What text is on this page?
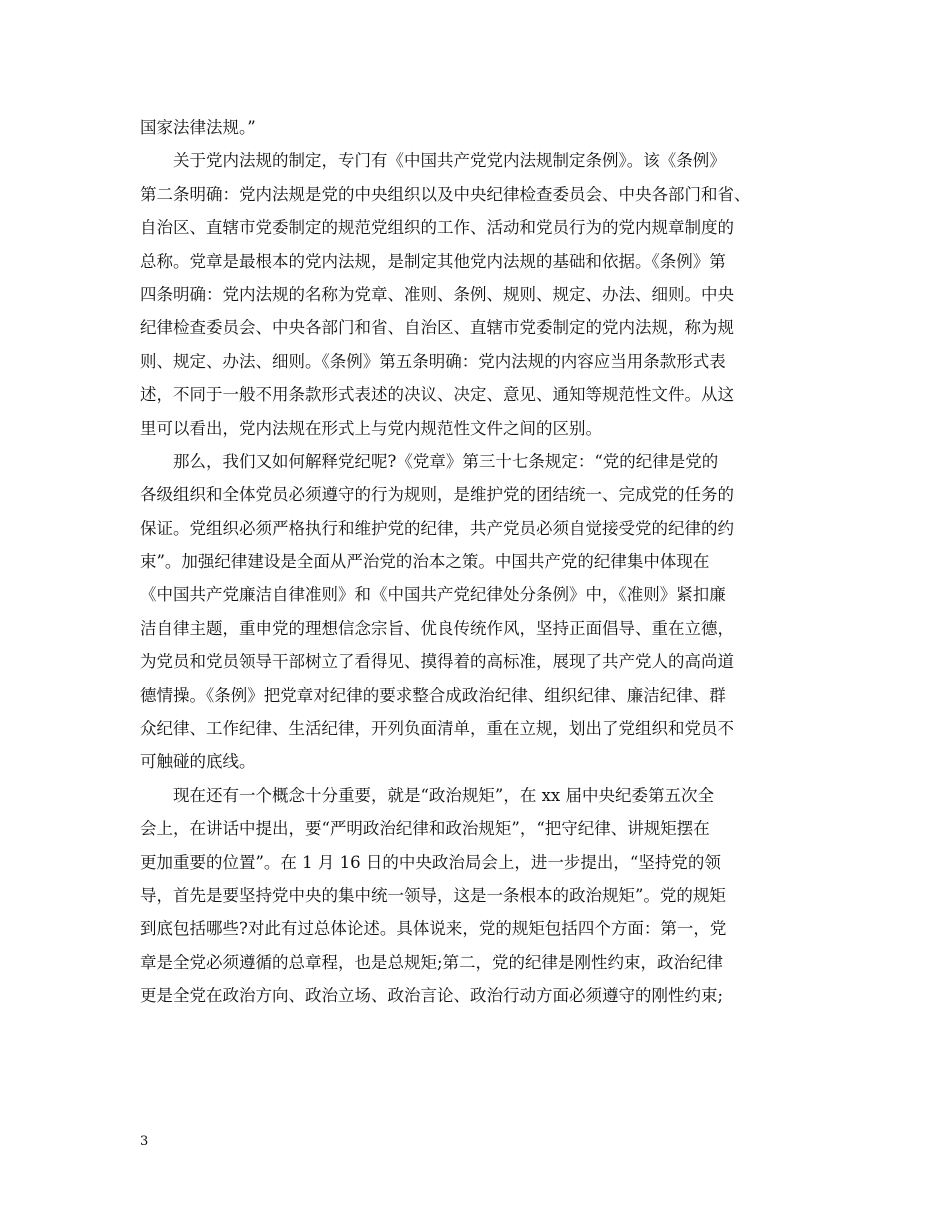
国家法律法规。”
关于党内法规的制定，专门有《中国共产党党内法规制定条例》。该《条例》
第二条明确：党内法规是党的中央组织以及中央纪律检查委员会、中央各部门和省、
自治区、直辖市党委制定的规范党组织的工作、活动和党员行为的党内规章制度的
总称。党章是最根本的党内法规，是制定其他党内法规的基础和依据。《条例》第
四条明确：党内法规的名称为党章、准则、条例、规则、规定、办法、细则。中央
纪律检查委员会、中央各部门和省、自治区、直辖市党委制定的党内法规，称为规
则、规定、办法、细则。《条例》第五条明确：党内法规的内容应当用条款形式表
述，不同于一般不用条款形式表述的决议、决定、意见、通知等规范性文件。从这
里可以看出，党内法规在形式上与党内规范性文件之间的区别。
那么，我们又如何解释党纪呢?《党章》第三十七条规定：“党的纪律是党的
各级组织和全体党员必须遵守的行为规则，是维护党的团结统一、完成党的任务的
保证。党组织必须严格执行和维护党的纪律，共产党员必须自觉接受党的纪律的约
束”。加强纪律建设是全面从严治党的治本之策。中国共产党的纪律集中体现在
《中国共产党廉洁自律准则》和《中国共产党纪律处分条例》中，《准则》紧扣廉
洁自律主题，重申党的理想信念宗旨、优良传统作风，坚持正面倡导、重在立德，
为党员和党员领导干部树立了看得见、摸得着的高标准，展现了共产党人的高尚道
德情操。《条例》把党章对纪律的要求整合成政治纪律、组织纪律、廉洁纪律、群
众纪律、工作纪律、生活纪律，开列负面清单，重在立规，划出了党组织和党员不
可触碰的底线。
现在还有一个概念十分重要，就是“政治规矩”，在 xx 届中央纪委第五次全
会上，在讲话中提出，要“严明政治纪律和政治规矩”，“把守纪律、讲规矩摆在
更加重要的位置”。在 1 月 16 日的中央政治局会上，进一步提出，“坚持党的领
导，首先是要坚持党中央的集中统一领导，这是一条根本的政治规矩”。党的规矩
到底包括哪些?对此有过总体论述。具体说来，党的规矩包括四个方面：第一，党
章是全党必须遵循的总章程，也是总规矩;第二，党的纪律是刚性约束，政治纪律
更是全党在政治方向、政治立场、政治言论、政治行动方面必须遵守的刚性约束;
3
